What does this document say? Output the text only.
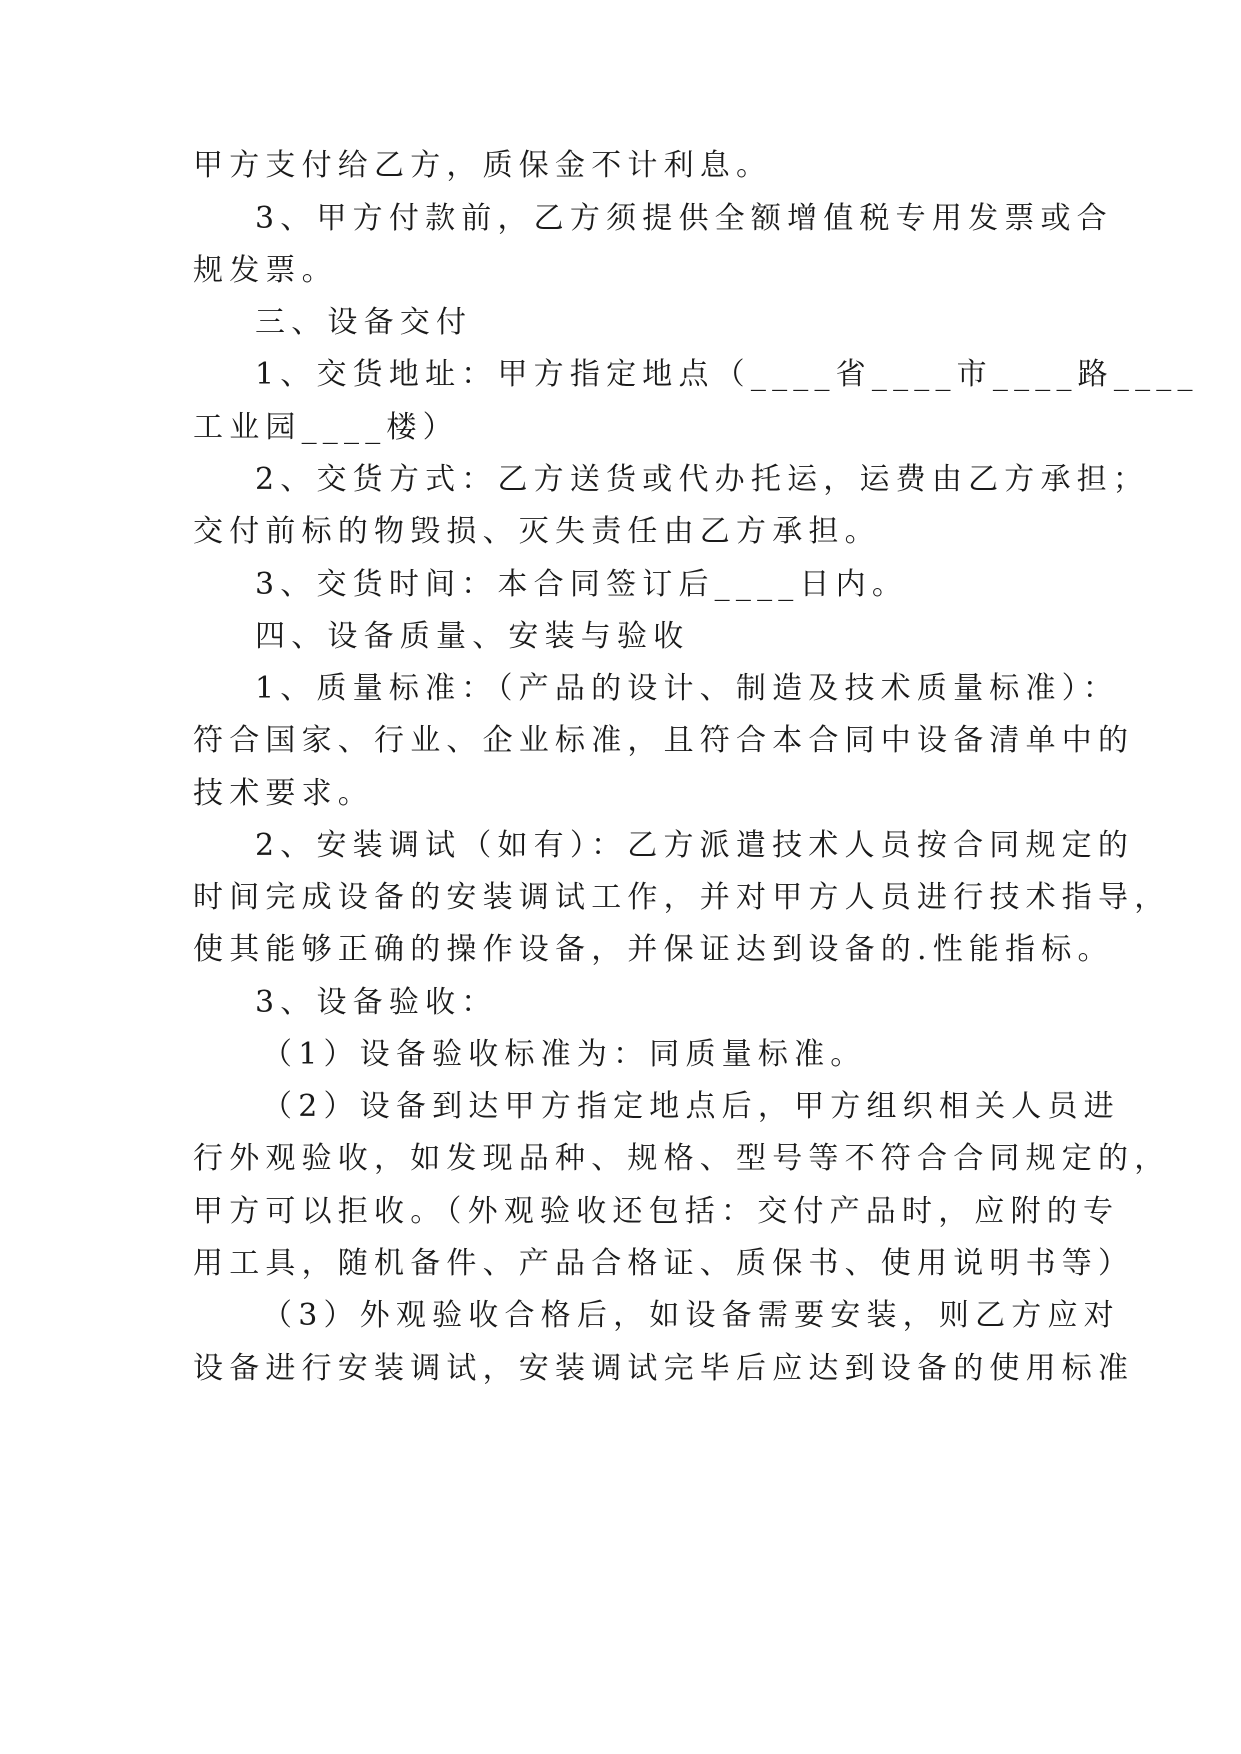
甲方支付给乙方，质保金不计利息。
3、甲方付款前，乙方须提供全额增值税专用发票或合
规发票。
三、设备交付
1、交货地址：甲方指定地点（____省____市____路____
工业园____楼）
2、交货方式：乙方送货或代办托运，运费由乙方承担；
交付前标的物毁损、灭失责任由乙方承担。
3、交货时间：本合同签订后____日内。
四、设备质量、安装与验收
1、质量标准：（产品的设计、制造及技术质量标准）：
符合国家、行业、企业标准，且符合本合同中设备清单中的
技术要求。
2、安装调试（如有）：乙方派遣技术人员按合同规定的
时间完成设备的安装调试工作，并对甲方人员进行技术指导，
使其能够正确的操作设备，并保证达到设备的.性能指标。
3、设备验收：
（1）设备验收标准为：同质量标准。
（2）设备到达甲方指定地点后，甲方组织相关人员进
行外观验收，如发现品种、规格、型号等不符合合同规定的，
甲方可以拒收。（外观验收还包括：交付产品时，应附的专
用工具，随机备件、产品合格证、质保书、使用说明书等）
（3）外观验收合格后，如设备需要安装，则乙方应对
设备进行安装调试，安装调试完毕后应达到设备的使用标准
